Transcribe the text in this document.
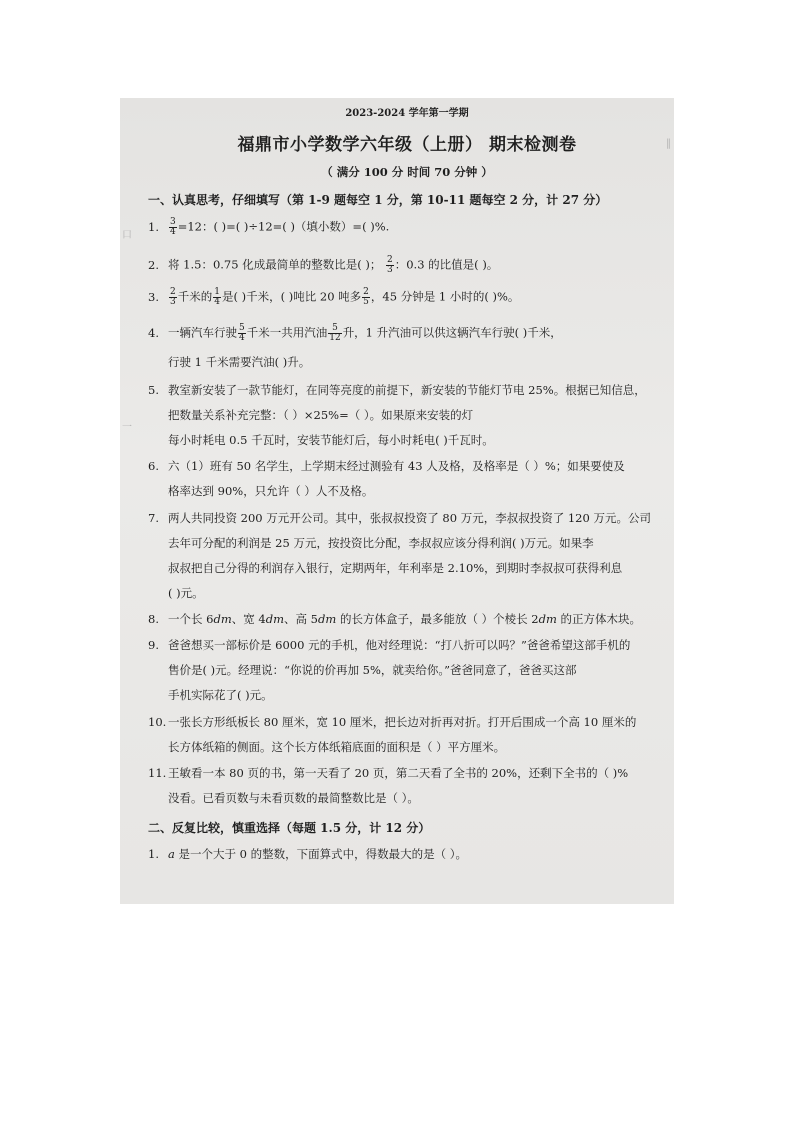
口
一
‖
2023-2024 学年第一学期
福鼎市小学数学六年级（上册） 期末检测卷
（ 满分 100 分 时间 70 分钟 ）
一、认真思考，仔细填写（第 1-9 题每空 1 分，第 10-11 题每空 2 分，计 27 分）
1. $\frac{3}{4} =12$：( )=( )÷12=( )（填小数）=( )%.
2. 将 1.5：0.75 化成最简单的整数比是( )； $\frac{2}{3}$ ：0.3 的比值是( )。
3. $\frac{2}{3}$ 千米的 $\frac{1}{4}$ 是( )千米，( )吨比 20 吨多 $\frac{2}{5}$ ，45 分钟是 1 小时的( )%。
4. 一辆汽车行驶 $\frac{5}{4}$ 千米一共用汽油 $\frac{5}{12}$ 升，1 升汽油可以供这辆汽车行驶( )千米，
行驶 1 千米需要汽油( )升。
5. 教室新安装了一款节能灯，在同等亮度的前提下，新安装的节能灯节电 25%。根据已知信息，
把数量关系补充完整：（ ）×25%=（ ）。如果原来安装的灯
每小时耗电 0.5 千瓦时，安装节能灯后，每小时耗电( )千瓦时。
6. 六（1）班有 50 名学生，上学期末经过测验有 43 人及格，及格率是（ ）%；如果要使及
格率达到 90%，只允许（ ）人不及格。
7. 两人共同投资 200 万元开公司。其中，张叔叔投资了 80 万元，李叔叔投资了 120 万元。公司
去年可分配的利润是 25 万元，按投资比分配，李叔叔应该分得利润( )万元。如果李
叔叔把自己分得的利润存入银行，定期两年，年利率是 2.10%，到期时李叔叔可获得利息
( )元。
8. 一个长 6dm、宽 4dm、高 5dm 的长方体盒子，最多能放（ ）个棱长 2dm 的正方体木块。
9. 爸爸想买一部标价是 6000 元的手机，他对经理说：“打八折可以吗？”爸爸希望这部手机的
售价是( )元。经理说：“你说的价再加 5%，就卖给你。”爸爸同意了，爸爸买这部
手机实际花了( )元。
10. 一张长方形纸板长 80 厘米，宽 10 厘米，把长边对折再对折。打开后围成一个高 10 厘米的
长方体纸箱的侧面。这个长方体纸箱底面的面积是（ ）平方厘米。
11. 王敏看一本 80 页的书，第一天看了 20 页，第二天看了全书的 20%，还剩下全书的（ )%
没看。已看页数与未看页数的最简整数比是（ ）。
二、反复比较，慎重选择（每题 1.5 分，计 12 分）
1. a 是一个大于 0 的整数，下面算式中，得数最大的是（ ）。
